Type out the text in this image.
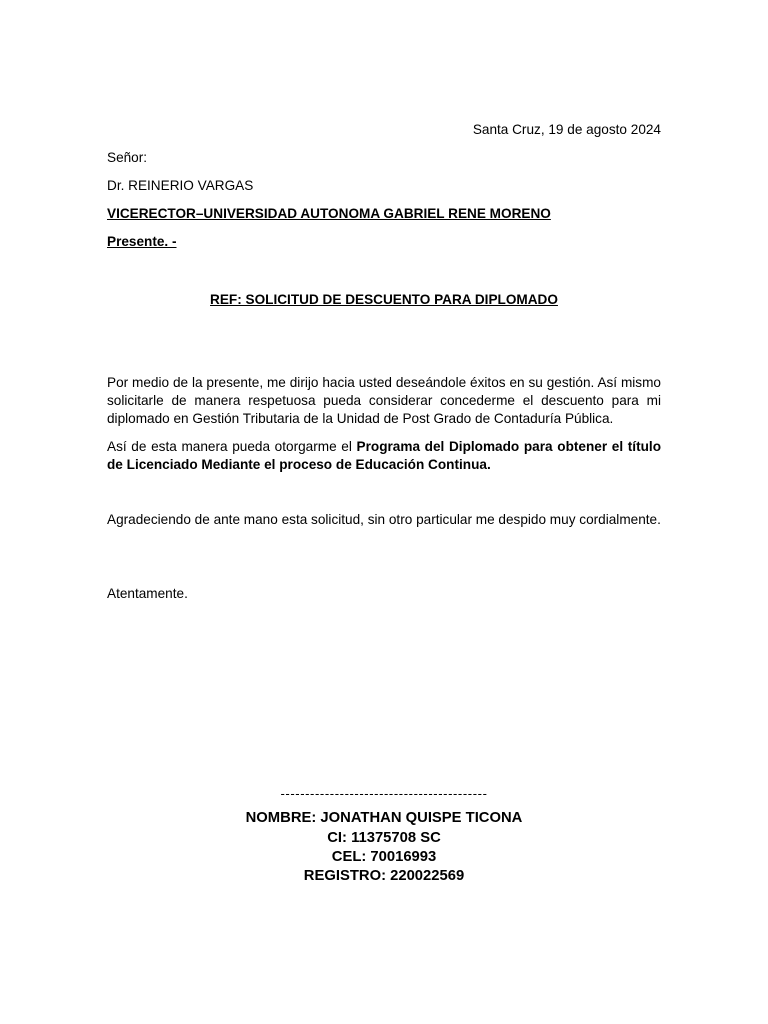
Santa Cruz, 19 de agosto 2024
Señor:
Dr. REINERIO VARGAS
VICERECTOR–UNIVERSIDAD AUTONOMA GABRIEL RENE MORENO
Presente. -
REF: SOLICITUD DE DESCUENTO PARA DIPLOMADO

Por medio de la presente, me dirijo hacia usted deseándole éxitos en su gestión. Así mismo solicitarle de manera respetuosa pueda considerar concederme el descuento para mi diplomado en Gestión Tributaria de la Unidad de Post Grado de Contaduría Pública.

Así de esta manera pueda otorgarme el Programa del Diplomado para obtener el título de Licenciado Mediante el proceso de Educación Continua.

Agradeciendo de ante mano esta solicitud, sin otro particular me despido muy cordialmente.

Atentamente.
------------------------------------------
NOMBRE: JONATHAN QUISPE TICONA
CI: 11375708 SC
CEL: 70016993
REGISTRO: 220022569
